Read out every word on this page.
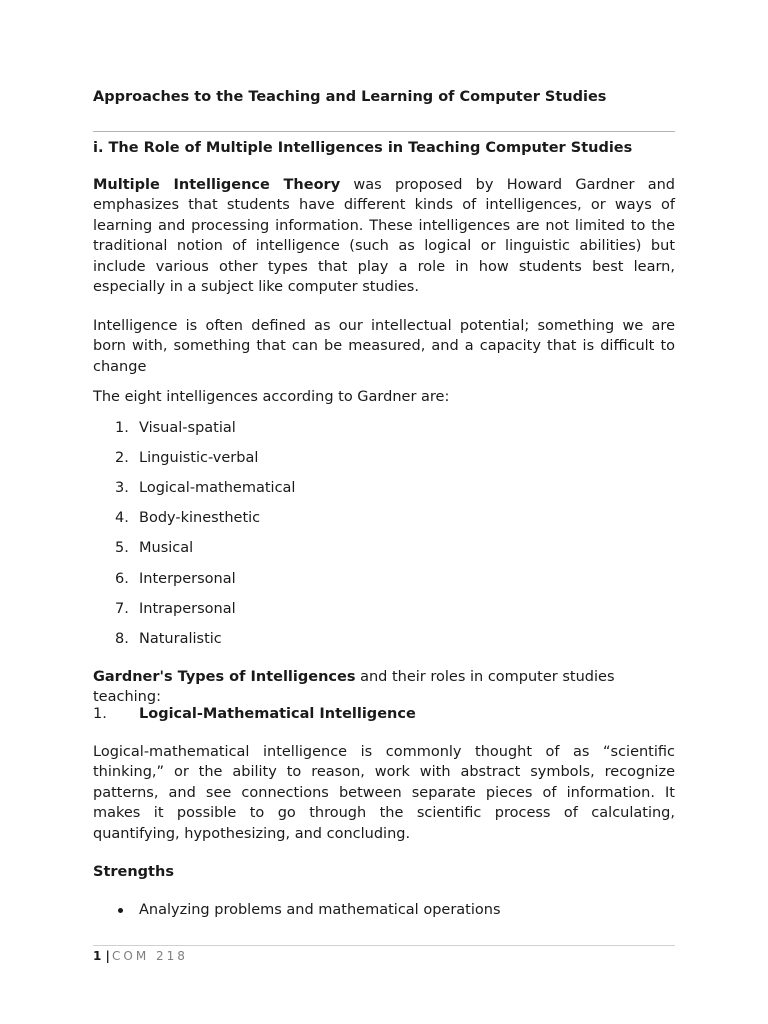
Approaches to the Teaching and Learning of Computer Studies

i. The Role of Multiple Intelligences in Teaching Computer Studies

Multiple Intelligence Theory was proposed by Howard Gardner and emphasizes that students have different kinds of intelligences, or ways of learning and processing information. These intelligences are not limited to the traditional notion of intelligence (such as logical or linguistic abilities) but include various other types that play a role in how students best learn, especially in a subject like computer studies.

Intelligence is often defined as our intellectual potential; something we are born with, something that can be measured, and a capacity that is difficult to change

The eight intelligences according to Gardner are:

1. Visual-spatial
2. Linguistic-verbal
3. Logical-mathematical
4. Body-kinesthetic
5. Musical
6. Interpersonal
7. Intrapersonal
8. Naturalistic

Gardner's Types of Intelligences and their roles in computer studies teaching:

1. Logical-Mathematical Intelligence

Logical-mathematical intelligence is commonly thought of as “scientific thinking,” or the ability to reason, work with abstract symbols, recognize patterns, and see connections between separate pieces of information. It makes it possible to go through the scientific process of calculating, quantifying, hypothesizing, and concluding.

Strengths

Analyzing problems and mathematical operations
1 | COM 218
